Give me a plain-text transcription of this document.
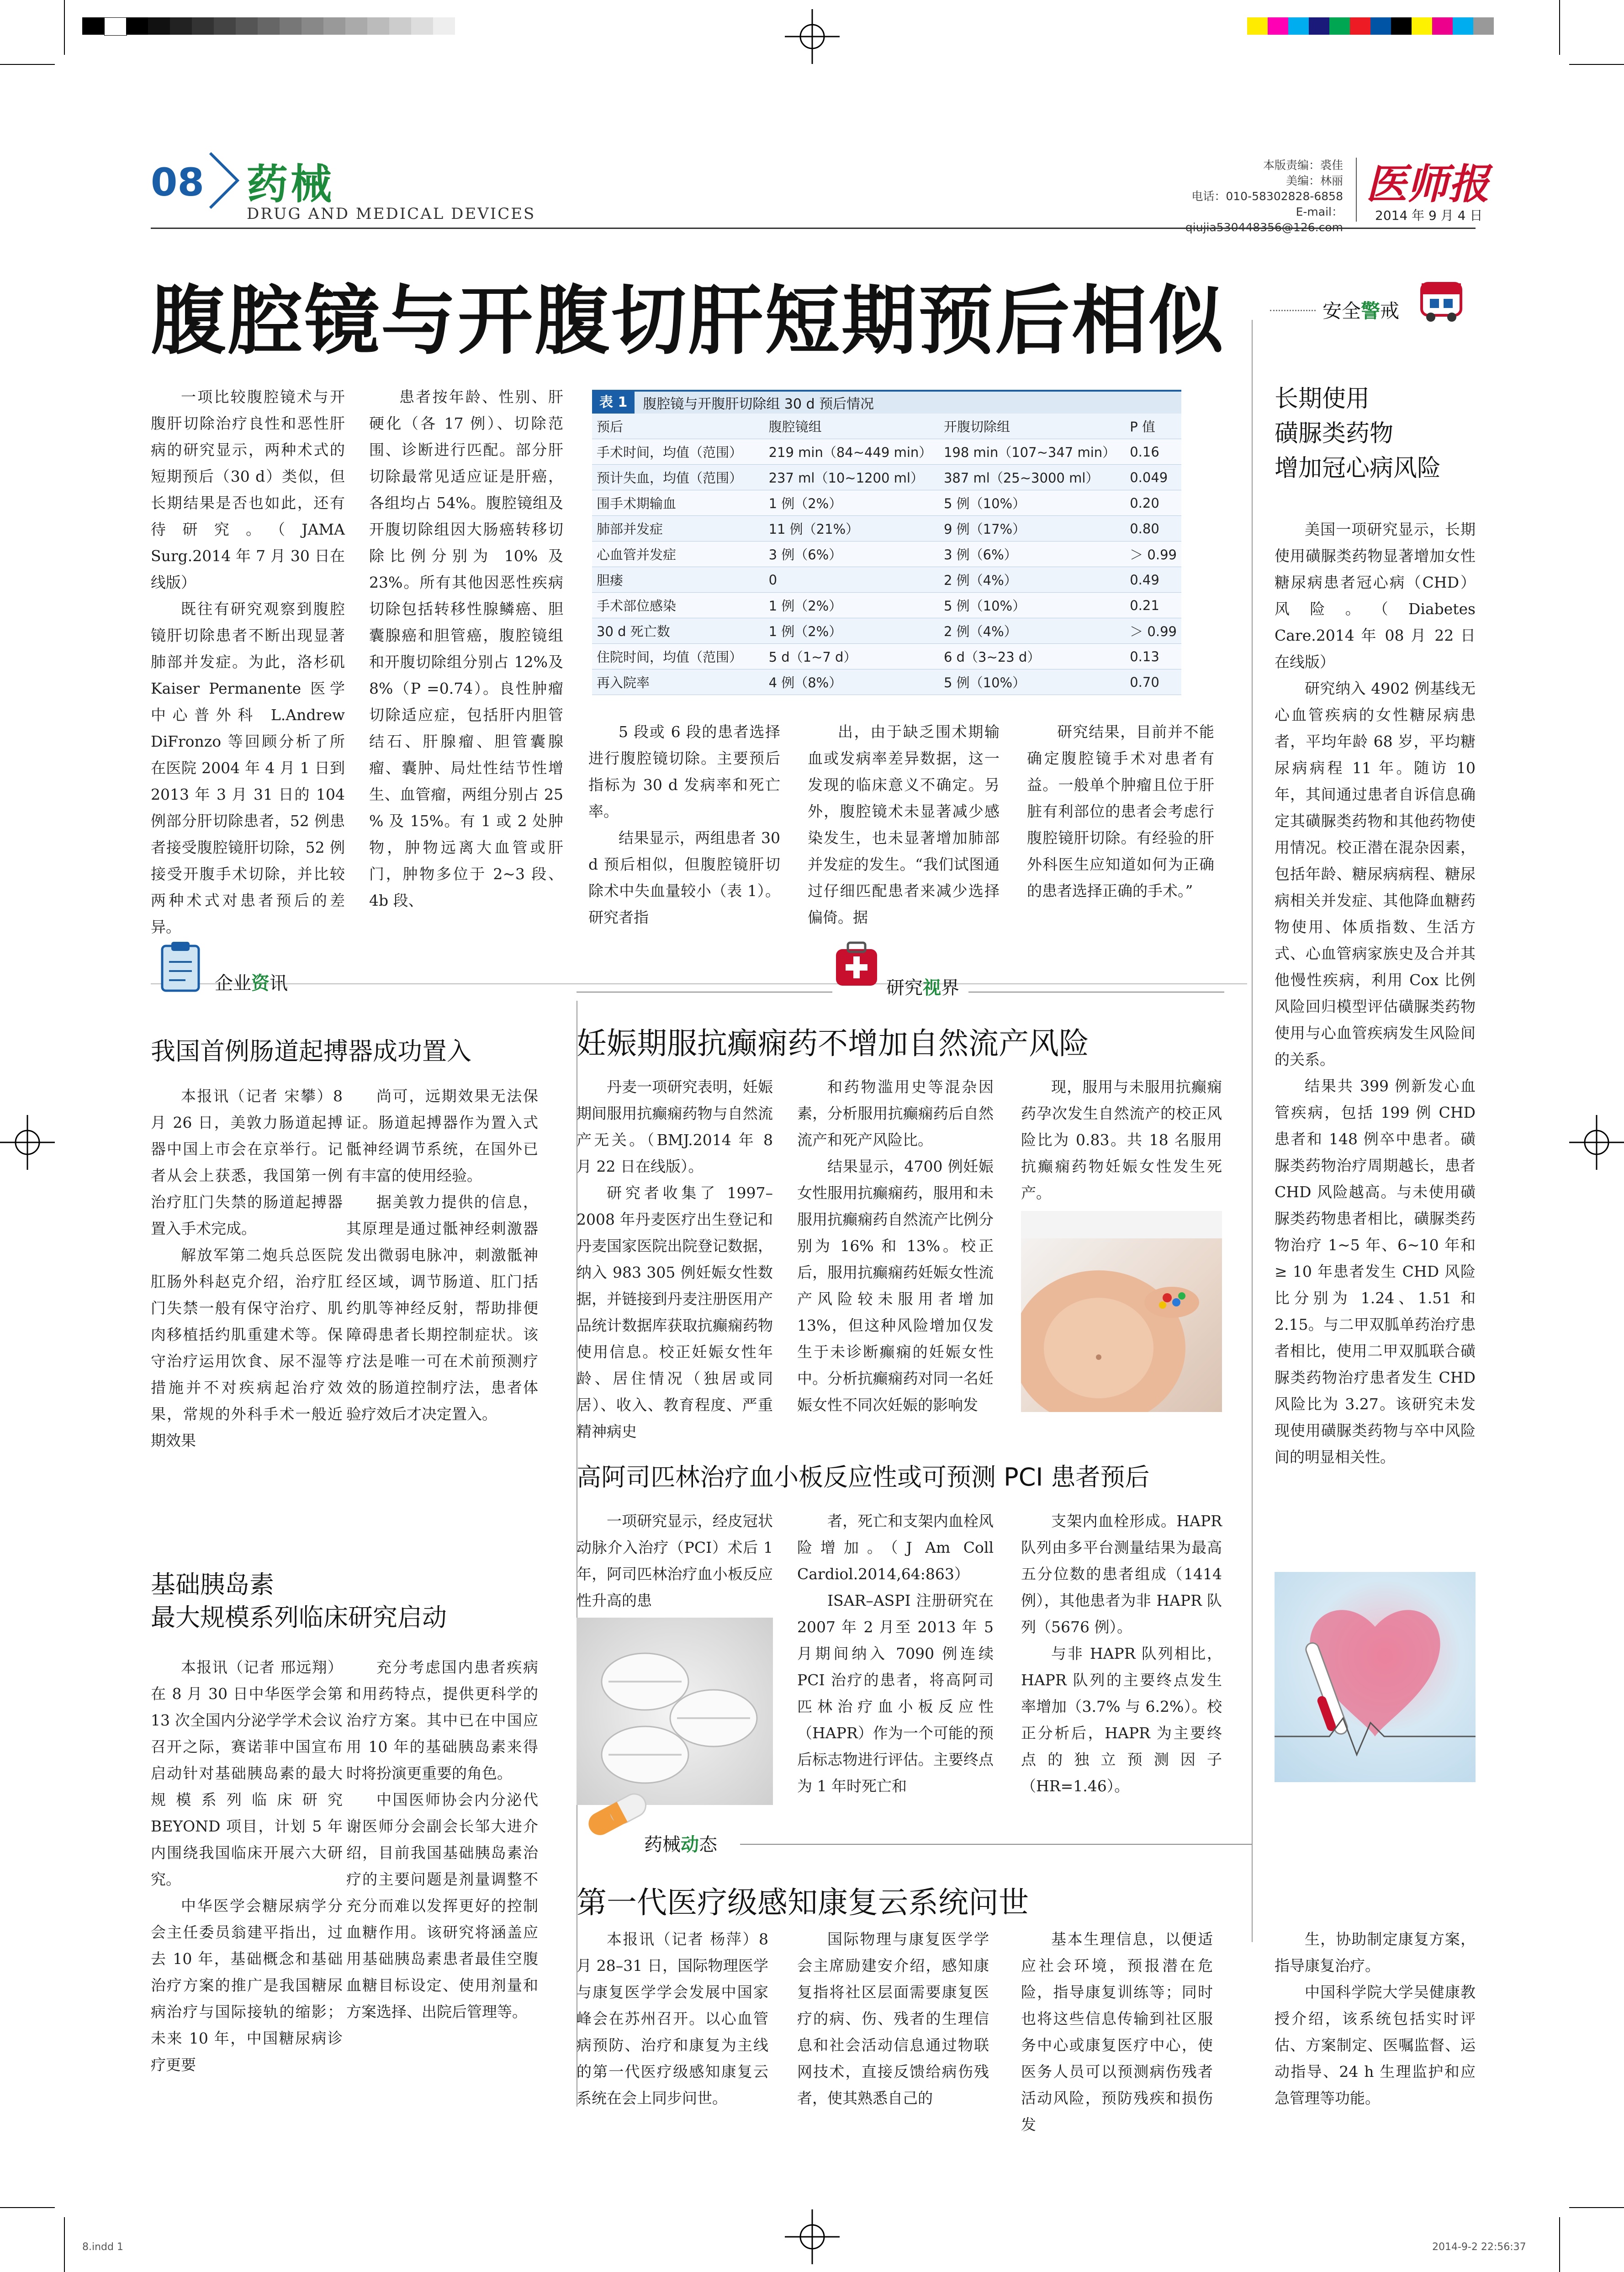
08 药械
DRUG AND MEDICAL DEVICES
本版责编：裘佳
美编：林丽
电话：010-58302828-6858
E-mail：qiujia530448356@126.com
医师报
2014 年 9 月 4 日
腹腔镜与开腹切肝短期预后相似

一项比较腹腔镜术与开腹肝切除治疗良性和恶性肝病的研究显示，两种术式的短期预后（30 d）类似，但长期结果是否也如此，还有待研究。（JAMA Surg.2014 年 7 月 30 日在线版）

既往有研究观察到腹腔镜肝切除患者不断出现显著肺部并发症。为此，洛杉矶 Kaiser Permanente 医学中心普外科 L.Andrew DiFronzo 等回顾分析了所在医院 2004 年 4 月 1 日到 2013 年 3 月 31 日的 104 例部分肝切除患者，52 例患者接受腹腔镜肝切除，52 例接受开腹手术切除，并比较两种术式对患者预后的差异。

患者按年龄、性别、肝硬化（各 17 例）、切除范围、诊断进行匹配。部分肝切除最常见适应证是肝癌，各组均占 54%。腹腔镜组及开腹切除组因大肠癌转移切除比例分别为 10% 及 23%。所有其他因恶性疾病切除包括转移性腺鳞癌、胆囊腺癌和胆管癌，腹腔镜组和开腹切除组分别占 12%及 8%（P =0.74）。良性肿瘤切除适应症，包括肝内胆管结石、肝腺瘤、胆管囊腺瘤、囊肿、局灶性结节性增生、血管瘤，两组分别占 25 % 及 15%。有 1 或 2 处肿物，肿物远离大血管或肝门，肿物多位于 2~3 段、4b 段、

表 1	腹腔镜与开腹肝切除组 30 d 预后情况
预后	腹腔镜组	开腹切除组	P 值
手术时间，均值（范围）	219 min（84~449 min）	198 min（107~347 min）	0.16
预计失血，均值（范围）	237 ml（10~1200 ml）	387 ml（25~3000 ml）	0.049
围手术期输血	1 例（2%）	5 例（10%）	0.20
肺部并发症	11 例（21%）	9 例（17%）	0.80
心血管并发症	3 例（6%）	3 例（6%）	＞ 0.99
胆瘘	0	2 例（4%）	0.49
手术部位感染	1 例（2%）	5 例（10%）	0.21
30 d 死亡数	1 例（2%）	2 例（4%）	＞ 0.99
住院时间，均值（范围）	5 d（1~7 d）	6 d（3~23 d）	0.13
再入院率	4 例（8%）	5 例（10%）	0.70

5 段或 6 段的患者选择进行腹腔镜切除。主要预后指标为 30 d 发病率和死亡率。

结果显示，两组患者 30 d 预后相似，但腹腔镜肝切除术中失血量较小（表 1）。研究者指

出，由于缺乏围术期输血或发病率差异数据，这一发现的临床意义不确定。另外，腹腔镜术未显著减少感染发生，也未显著增加肺部并发症的发生。“我们试图通过仔细匹配患者来减少选择偏倚。据

研究结果，目前并不能确定腹腔镜手术对患者有益。一般单个肿瘤且位于肝脏有利部位的患者会考虑行腹腔镜肝切除。有经验的肝外科医生应知道如何为正确的患者选择正确的手术。”

安全警戒
长期使用
磺脲类药物
增加冠心病风险

美国一项研究显示，长期使用磺脲类药物显著增加女性糖尿病患者冠心病（CHD）风险。（Diabetes Care.2014 年 08 月 22 日在线版）

研究纳入 4902 例基线无心血管疾病的女性糖尿病患者，平均年龄 68 岁，平均糖尿病病程 11 年。随访 10 年，其间通过患者自诉信息确定其磺脲类药物和其他药物使用情况。校正潜在混杂因素，包括年龄、糖尿病病程、糖尿病相关并发症、其他降血糖药物使用、体质指数、生活方式、心血管病家族史及合并其他慢性疾病，利用 Cox 比例风险回归模型评估磺脲类药物使用与心血管疾病发生风险间的关系。

结果共 399 例新发心血管疾病，包括 199 例 CHD 患者和 148 例卒中患者。磺脲类药物治疗周期越长，患者 CHD 风险越高。与未使用磺脲类药物患者相比，磺脲类药物治疗 1~5 年、6~10 年和 ≥ 10 年患者发生 CHD 风险比分别为 1.24、1.51 和 2.15。与二甲双胍单药治疗患者相比，使用二甲双胍联合磺脲类药物治疗患者发生 CHD 风险比为 3.27。该研究未发现使用磺脲类药物与卒中风险间的明显相关性。

企业资讯
我国首例肠道起搏器成功置入

本报讯（记者 宋攀）8 月 26 日，美敦力肠道起搏器中国上市会在京举行。记者从会上获悉，我国第一例治疗肛门失禁的肠道起搏器置入手术完成。

解放军第二炮兵总医院肛肠外科赵克介绍，治疗肛门失禁一般有保守治疗、肌肉移植括约肌重建术等。保守治疗运用饮食、尿不湿等措施并不对疾病起治疗效果，常规的外科手术一般近期效果

尚可，远期效果无法保证。肠道起搏器作为置入式骶神经调节系统，在国外已有丰富的使用经验。

据美敦力提供的信息，其原理是通过骶神经刺激器发出微弱电脉冲，刺激骶神经区域，调节肠道、肛门括约肌等神经反射，帮助排便障碍患者长期控制症状。该疗法是唯一可在术前预测疗效的肠道控制疗法，患者体验疗效后才决定置入。

基础胰岛素
最大规模系列临床研究启动

本报讯（记者 邢远翔）在 8 月 30 日中华医学会第 13 次全国内分泌学学术会议召开之际，赛诺菲中国宣布启动针对基础胰岛素的最大规模系列临床研究 BEYOND 项目，计划 5 年内围绕我国临床开展六大研究。

中华医学会糖尿病学分会主任委员翁建平指出，过去 10 年，基础概念和基础治疗方案的推广是我国糖尿病治疗与国际接轨的缩影；未来 10 年，中国糖尿病诊疗更要

充分考虑国内患者疾病和用药特点，提供更科学的治疗方案。其中已在中国应用 10 年的基础胰岛素来得时将扮演更重要的角色。

中国医师协会内分泌代谢医师分会副会长邹大进介绍，目前我国基础胰岛素治疗的主要问题是剂量调整不充分而难以发挥更好的控制血糖作用。该研究将涵盖应用基础胰岛素患者最佳空腹血糖目标设定、使用剂量和方案选择、出院后管理等。

研究视界
妊娠期服抗癫痫药不增加自然流产风险

丹麦一项研究表明，妊娠期间服用抗癫痫药物与自然流产无关。（BMJ.2014 年 8 月 22 日在线版）。

研究者收集了 1997–2008 年丹麦医疗出生登记和丹麦国家医院出院登记数据，纳入 983 305 例妊娠女性数据，并链接到丹麦注册医用产品统计数据库获取抗癫痫药物使用信息。校正妊娠女性年龄、居住情况（独居或同居）、收入、教育程度、严重精神病史

和药物滥用史等混杂因素，分析服用抗癫痫药后自然流产和死产风险比。

结果显示，4700 例妊娠女性服用抗癫痫药，服用和未服用抗癫痫药自然流产比例分别为 16% 和 13%。校正后，服用抗癫痫药妊娠女性流产风险较未服用者增加 13%，但这种风险增加仅发生于未诊断癫痫的妊娠女性中。分析抗癫痫药对同一名妊娠女性不同次妊娠的影响发

现，服用与未服用抗癫痫药孕次发生自然流产的校正风险比为 0.83。共 18 名服用抗癫痫药物妊娠女性发生死产。

高阿司匹林治疗血小板反应性或可预测 PCI 患者预后

一项研究显示，经皮冠状动脉介入治疗（PCI）术后 1 年，阿司匹林治疗血小板反应性升高的患

者，死亡和支架内血栓风险增加。（J Am Coll Cardiol.2014,64:863）

ISAR–ASPI 注册研究在 2007 年 2 月至 2013 年 5 月期间纳入 7090 例连续 PCI 治疗的患者，将高阿司匹林治疗血小板反应性（HAPR）作为一个可能的预后标志物进行评估。主要终点为 1 年时死亡和

支架内血栓形成。HAPR 队列由多平台测量结果为最高五分位数的患者组成（1414 例），其他患者为非 HAPR 队列（5676 例）。

与非 HAPR 队列相比，HAPR 队列的主要终点发生率增加（3.7% 与 6.2%）。校正分析后，HAPR 为主要终点的独立预测因子（HR=1.46）。

药械动态
第一代医疗级感知康复云系统问世

本报讯（记者 杨萍）8 月 28–31 日，国际物理医学与康复医学学会发展中国家峰会在苏州召开。以心血管病预防、治疗和康复为主线的第一代医疗级感知康复云系统在会上同步问世。

国际物理与康复医学学会主席励建安介绍，感知康复指将社区层面需要康复医疗的病、伤、残者的生理信息和社会活动信息通过物联网技术，直接反馈给病伤残者，使其熟悉自己的

基本生理信息，以便适应社会环境，预报潜在危险，指导康复训练等；同时也将这些信息传输到社区服务中心或康复医疗中心，使医务人员可以预测病伤残者活动风险，预防残疾和损伤发

生，协助制定康复方案，指导康复治疗。

中国科学院大学吴健康教授介绍，该系统包括实时评估、方案制定、医嘱监督、运动指导、24 h 生理监护和应急管理等功能。

8.indd 1	2014-9-2 22:56:37
